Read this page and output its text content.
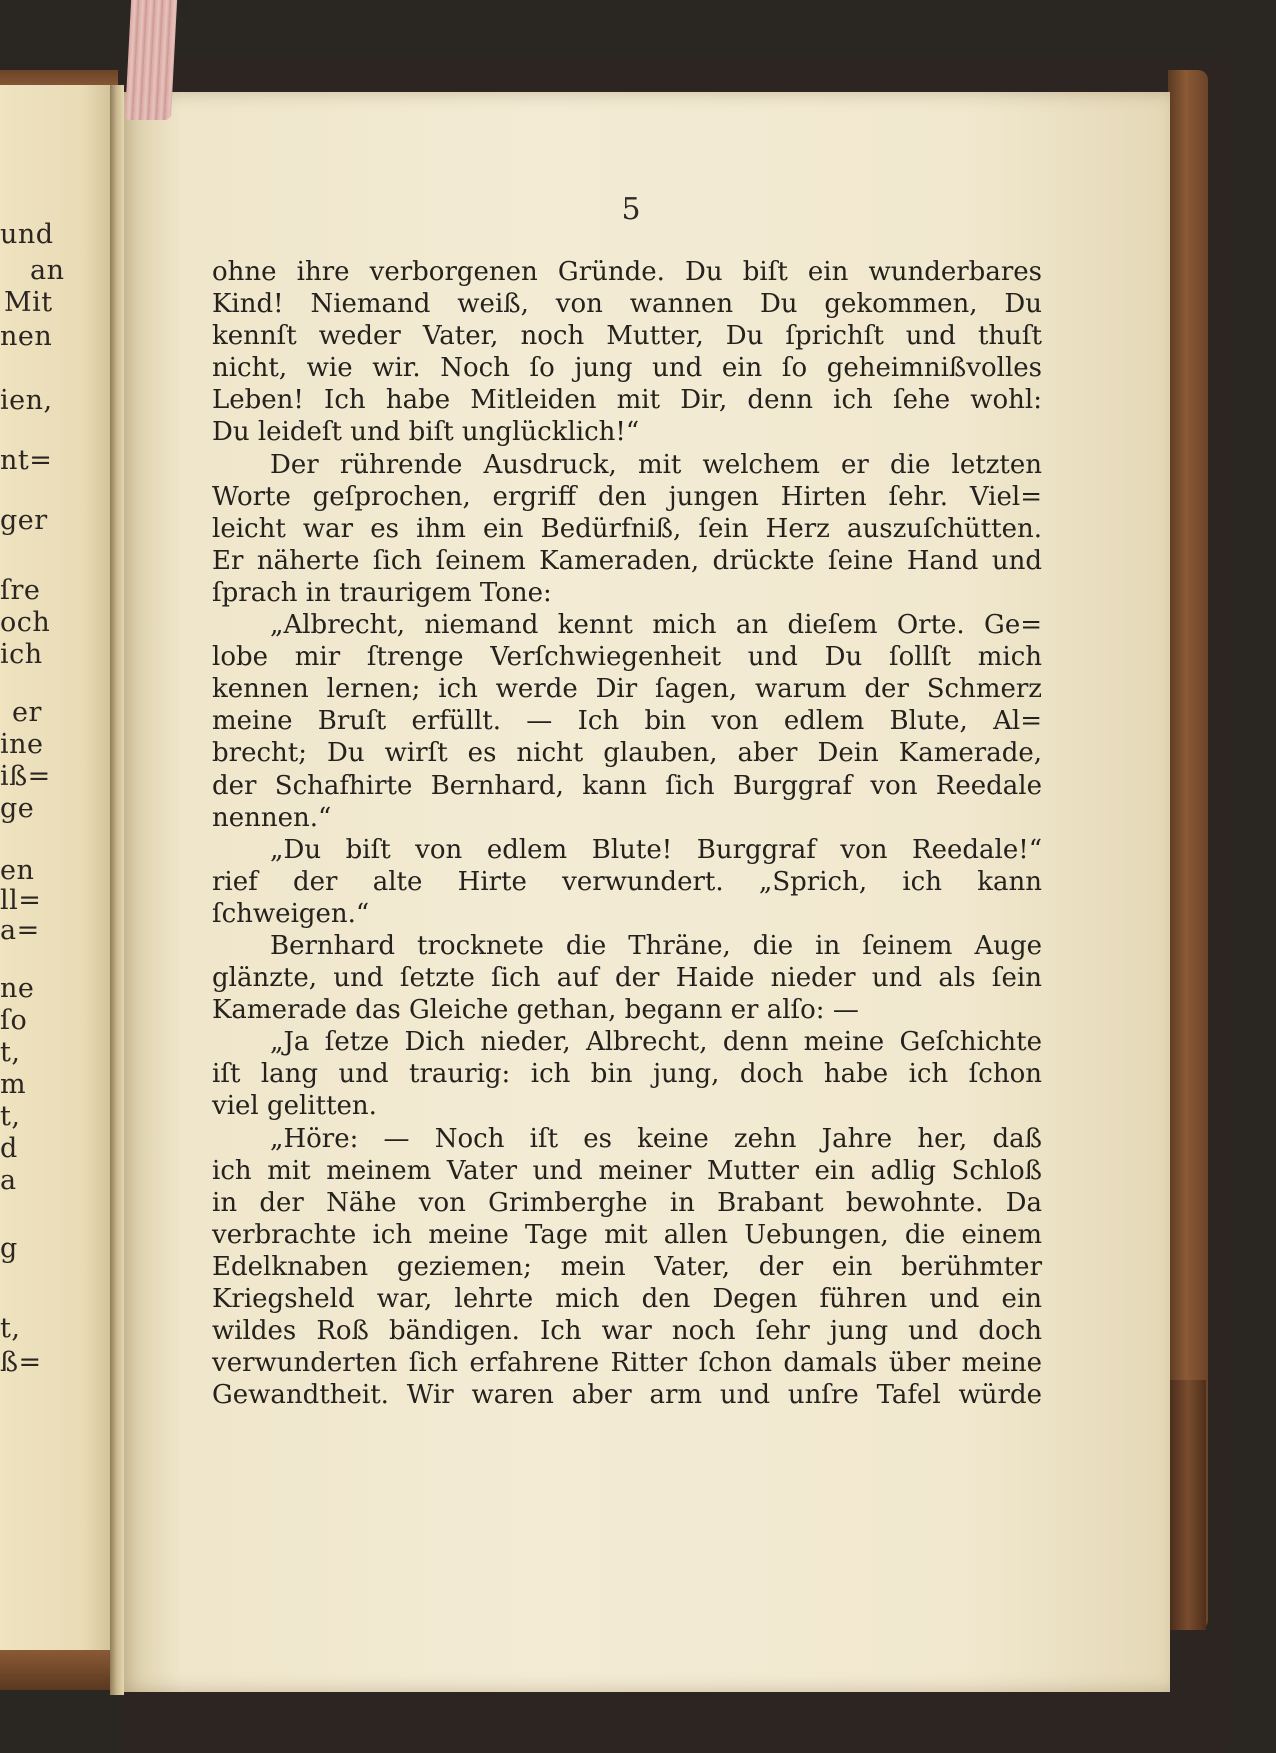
und
an
Mit
nen
ien,
nt=
ger
ſre
och
ich
er
ine
iß=
ge
en
ll=
a=
ne
ſo
t,
m
t,
d
a
g
t,
ß=
5
ohne ihre verborgenen Gründe. Du biſt ein wunderbares
Kind! Niemand weiß, von wannen Du gekommen, Du
kennſt weder Vater, noch Mutter, Du ſprichſt und thuſt
nicht, wie wir. Noch ſo jung und ein ſo geheimnißvolles
Leben! Ich habe Mitleiden mit Dir, denn ich ſehe wohl:
Du leideſt und biſt unglücklich!“
Der rührende Ausdruck, mit welchem er die letzten
Worte geſprochen, ergriff den jungen Hirten ſehr. Viel=
leicht war es ihm ein Bedürfniß, ſein Herz auszuſchütten.
Er näherte ſich ſeinem Kameraden, drückte ſeine Hand und
ſprach in traurigem Tone:
„Albrecht, niemand kennt mich an dieſem Orte. Ge=
lobe mir ſtrenge Verſchwiegenheit und Du ſollſt mich
kennen lernen; ich werde Dir ſagen, warum der Schmerz
meine Bruſt erfüllt. — Ich bin von edlem Blute, Al=
brecht; Du wirſt es nicht glauben, aber Dein Kamerade,
der Schafhirte Bernhard, kann ſich Burggraf von Reedale
nennen.“
„Du biſt von edlem Blute! Burggraf von Reedale!“
rief der alte Hirte verwundert. „Sprich, ich kann
ſchweigen.“
Bernhard trocknete die Thräne, die in ſeinem Auge
glänzte, und ſetzte ſich auf der Haide nieder und als ſein
Kamerade das Gleiche gethan, begann er alſo: —
„Ja ſetze Dich nieder, Albrecht, denn meine Geſchichte
iſt lang und traurig: ich bin jung, doch habe ich ſchon
viel gelitten.
„Höre: — Noch iſt es keine zehn Jahre her, daß
ich mit meinem Vater und meiner Mutter ein adlig Schloß
in der Nähe von Grimberghe in Brabant bewohnte. Da
verbrachte ich meine Tage mit allen Uebungen, die einem
Edelknaben geziemen; mein Vater, der ein berühmter
Kriegsheld war, lehrte mich den Degen führen und ein
wildes Roß bändigen. Ich war noch ſehr jung und doch
verwunderten ſich erfahrene Ritter ſchon damals über meine
Gewandtheit. Wir waren aber arm und unſre Tafel würde
